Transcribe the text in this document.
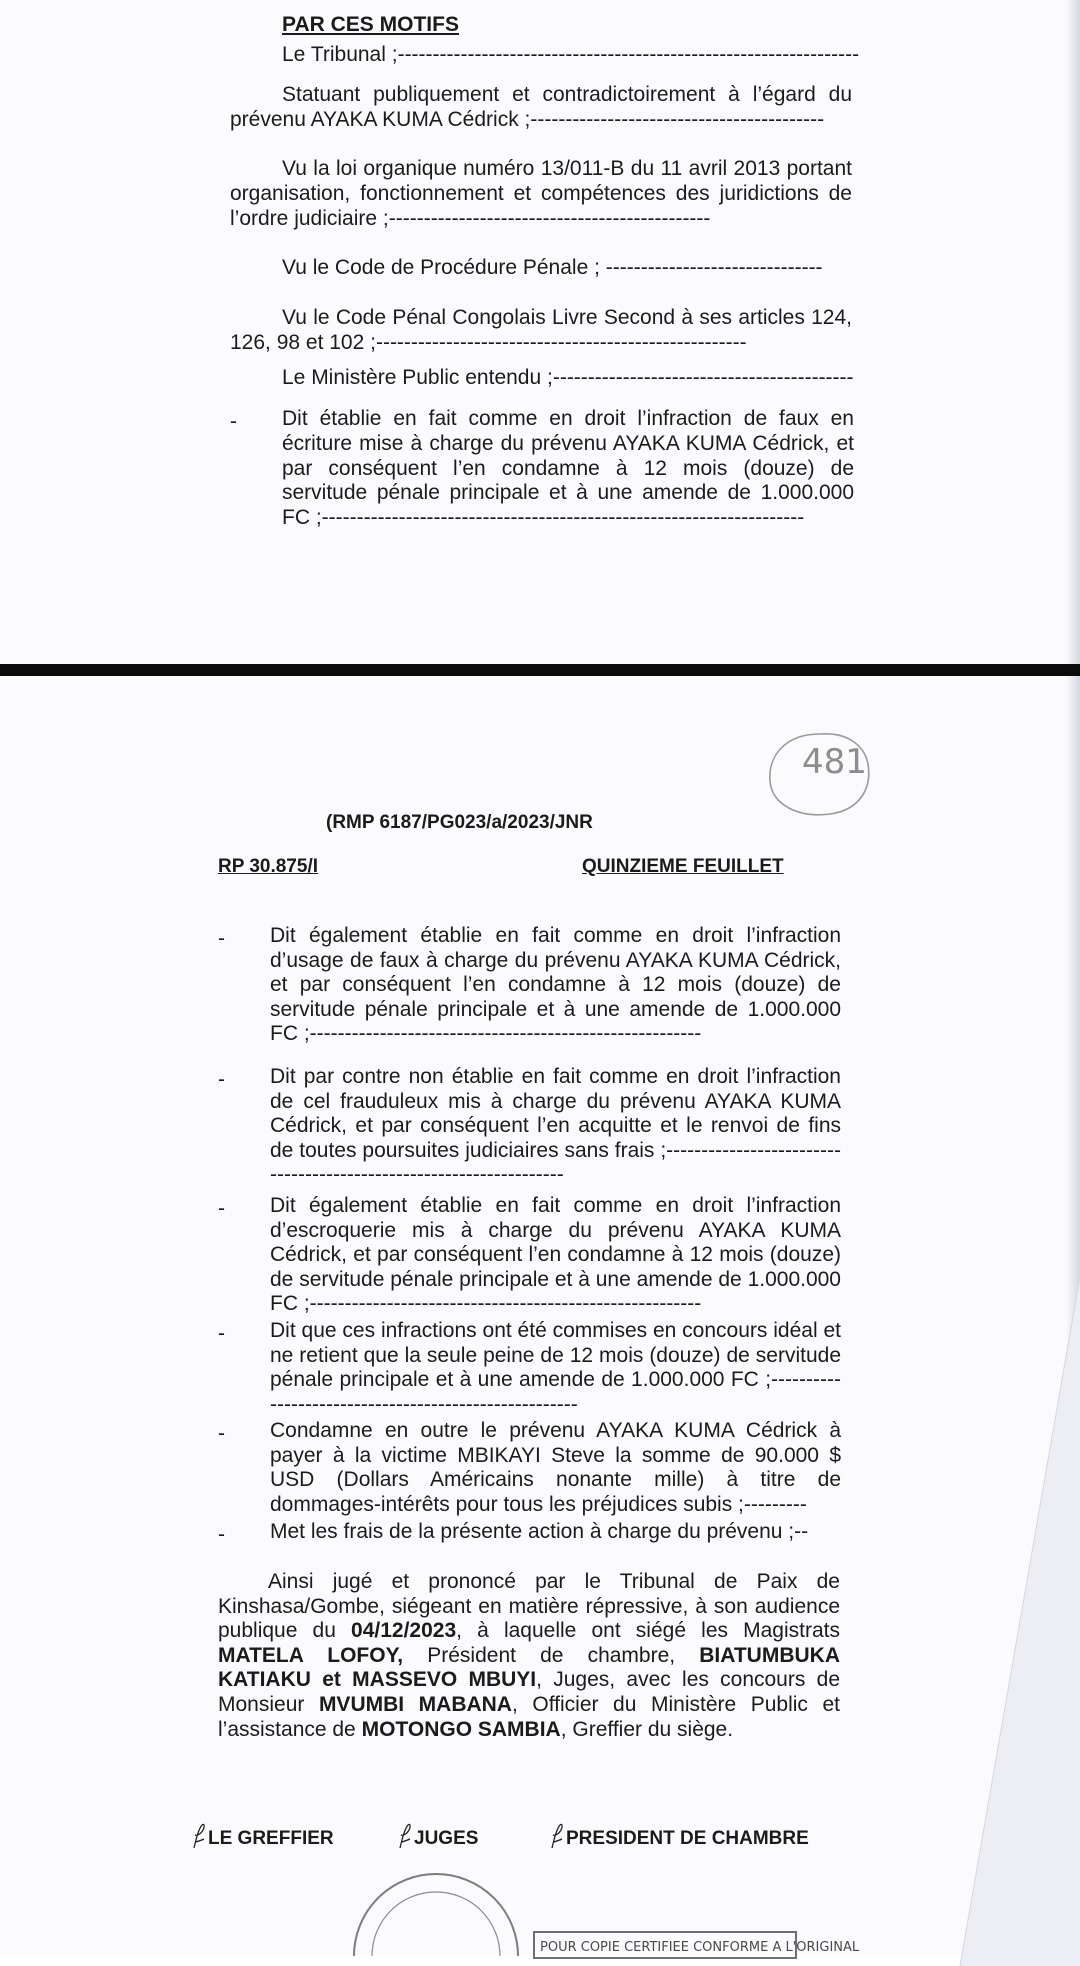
PAR CES MOTIFS
Le Tribunal ;------------------------------------------------------------------
Statuant publiquement et contradictoirement à l’égard du prévenu AYAKA KUMA Cédrick ;------------------------------------------
Vu la loi organique numéro 13/011-B du 11 avril 2013 portant organisation, fonctionnement et compétences des juridictions de l’ordre judiciaire ;----------------------------------------------
Vu le Code de Procédure Pénale ; -------------------------------
Vu le Code Pénal Congolais Livre Second à ses articles 124, 126, 98 et 102 ;-----------------------------------------------------
Le Ministère Public entendu ;-------------------------------------------
- Dit établie en fait comme en droit l’infraction de faux en écriture mise à charge du prévenu AYAKA KUMA Cédrick, et par conséquent l’en condamne à 12 mois (douze) de servitude pénale principale et à une amende de 1.000.000 FC ;---------------------------------------------------------------------
481
(RMP 6187/PG023/a/2023/JNR
RP 30.875/I	QUINZIEME FEUILLET
- Dit également établie en fait comme en droit l’infraction d’usage de faux à charge du prévenu AYAKA KUMA Cédrick, et par conséquent l’en condamne à 12 mois (douze) de servitude pénale principale et à une amende de 1.000.000 FC ;--------------------------------------------------------
- Dit par contre non établie en fait comme en droit l’infraction de cel frauduleux mis à charge du prévenu AYAKA KUMA Cédrick, et par conséquent l’en acquitte et le renvoi de fins de toutes poursuites judiciaires sans frais ;-------------------------------------------------------------------
- Dit également établie en fait comme en droit l’infraction d’escroquerie mis à charge du prévenu AYAKA KUMA Cédrick, et par conséquent l’en condamne à 12 mois (douze) de servitude pénale principale et à une amende de 1.000.000 FC ;--------------------------------------------------------
- Dit que ces infractions ont été commises en concours idéal et ne retient que la seule peine de 12 mois (douze) de servitude pénale principale et à une amende de 1.000.000 FC ;------------------------------------------------------
- Condamne en outre le prévenu AYAKA KUMA Cédrick à payer à la victime MBIKAYI Steve la somme de 90.000 $ USD (Dollars Américains nonante mille) à titre de dommages-intérêts pour tous les préjudices subis ;---------
- Met les frais de la présente action à charge du prévenu ;--
Ainsi jugé et prononcé par le Tribunal de Paix de Kinshasa/Gombe, siégeant en matière répressive, à son audience publique du 04/12/2023, à laquelle ont siégé les Magistrats MATELA LOFOY, Président de chambre, BIATUMBUKA KATIAKU et MASSEVO MBUYI, Juges, avec les concours de Monsieur MVUMBI MABANA, Officier du Ministère Public et l’assistance de MOTONGO SAMBIA, Greffier du siège.
LE GREFFIER	JUGES	PRESIDENT DE CHAMBRE
POUR COPIE CERTIFIEE CONFORME A L'ORIGINAL
